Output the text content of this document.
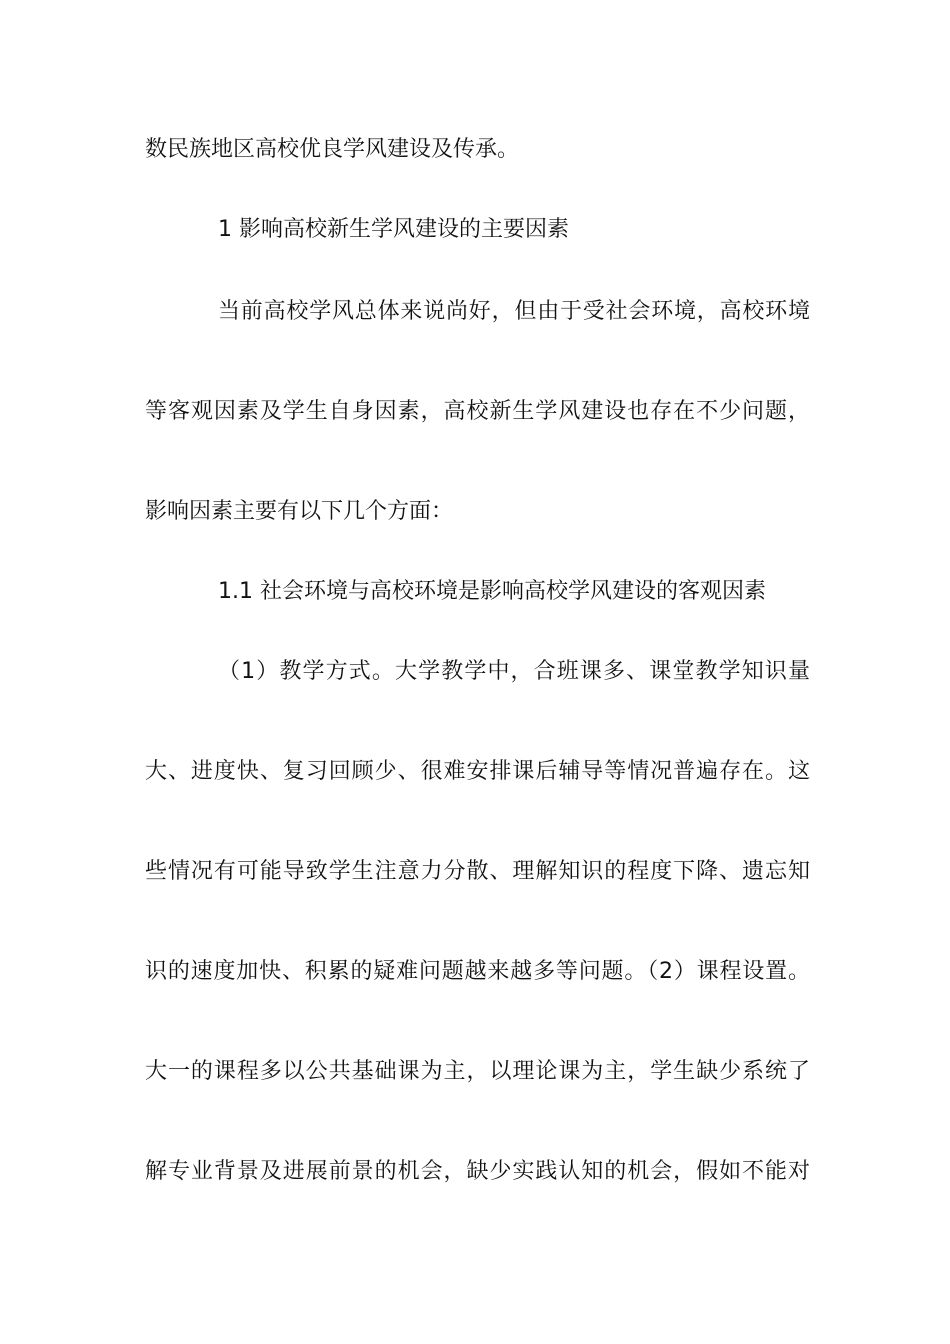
数民族地区高校优良学风建设及传承。
1 影响高校新生学风建设的主要因素
当前高校学风总体来说尚好，但由于受社会环境，高校环境
等客观因素及学生自身因素，高校新生学风建设也存在不少问题，
影响因素主要有以下几个方面：
1.1 社会环境与高校环境是影响高校学风建设的客观因素
（1）教学方式。大学教学中，合班课多、课堂教学知识量
大、进度快、复习回顾少、很难安排课后辅导等情况普遍存在。这
些情况有可能导致学生注意力分散、理解知识的程度下降、遗忘知
识的速度加快、积累的疑难问题越来越多等问题。（2）课程设置。
大一的课程多以公共基础课为主，以理论课为主，学生缺少系统了
解专业背景及进展前景的机会，缺少实践认知的机会，假如不能对
